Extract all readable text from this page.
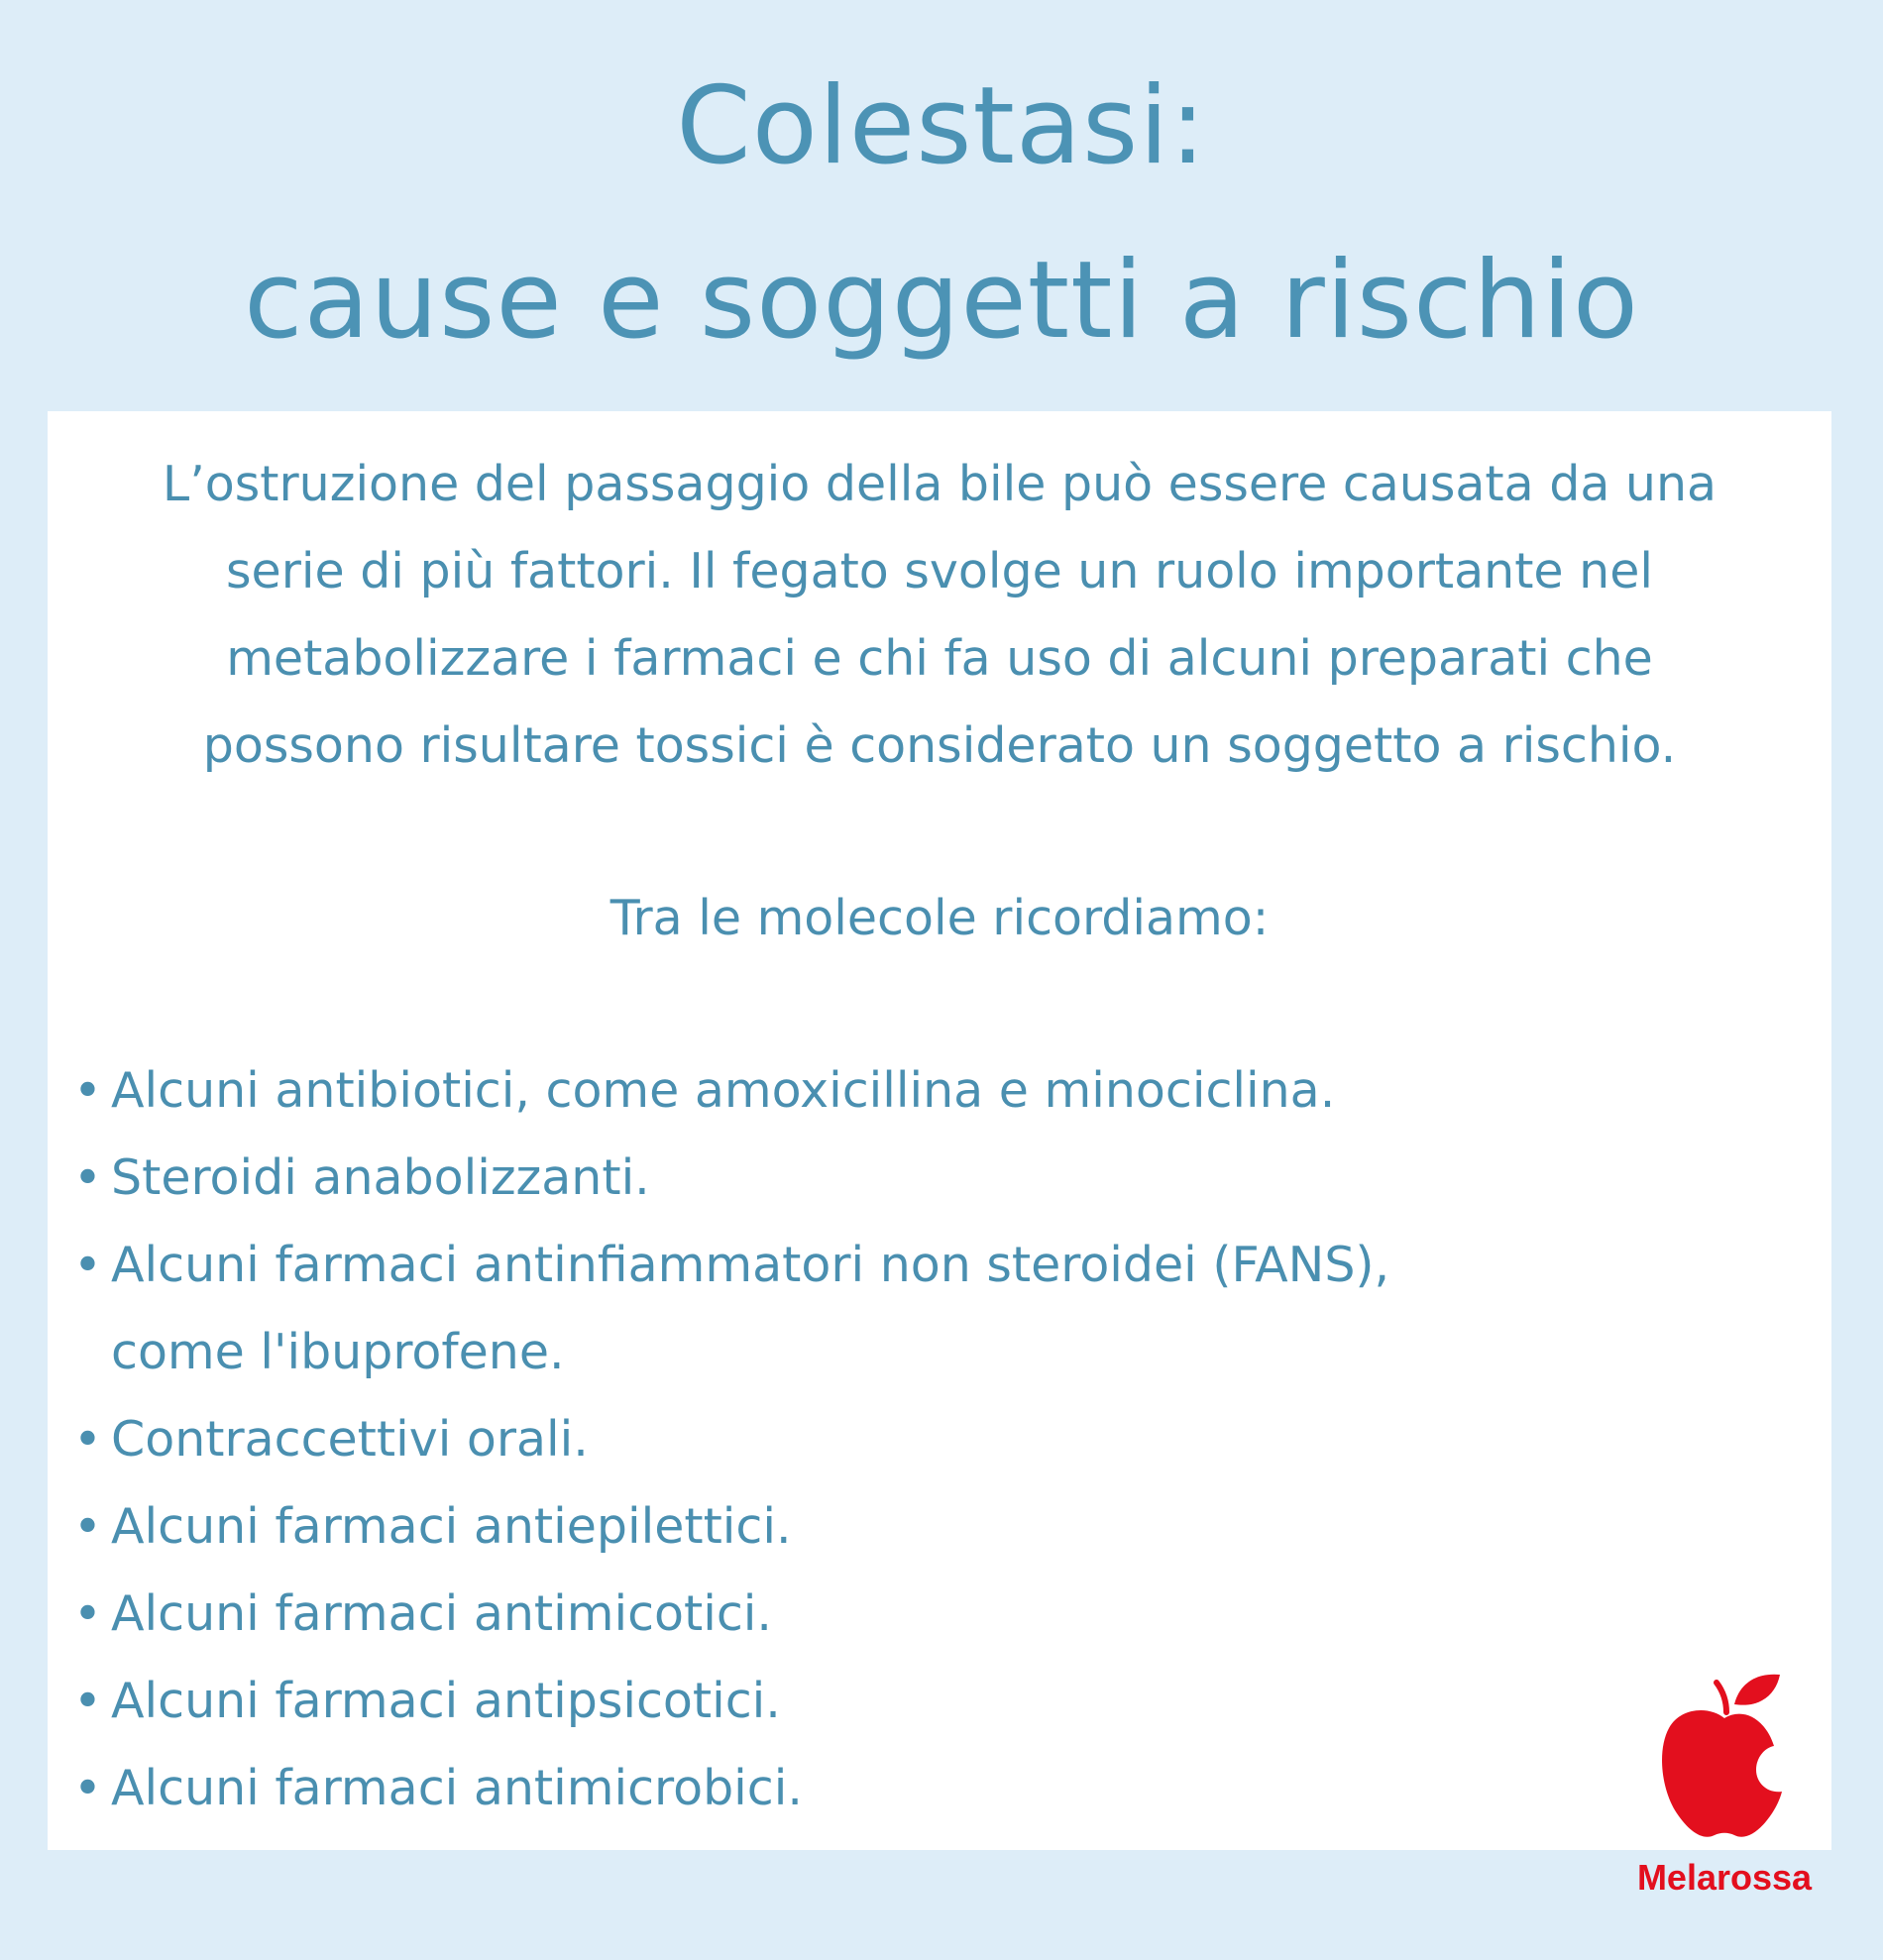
Colestasi:
cause e soggetti a rischio
L’ostruzione del passaggio della bile può essere causata da una
serie di più fattori. Il fegato svolge un ruolo importante nel
metabolizzare i farmaci e chi fa uso di alcuni preparati che
possono risultare tossici è considerato un soggetto a rischio.
Tra le molecole ricordiamo:
• Alcuni antibiotici, come amoxicillina e minociclina.
• Steroidi anabolizzanti.
• Alcuni farmaci antinfiammatori non steroidei (FANS),
come l'ibuprofene.
• Contraccettivi orali.
• Alcuni farmaci antiepilettici.
• Alcuni farmaci antimicotici.
• Alcuni farmaci antipsicotici.
• Alcuni farmaci antimicrobici.
Melarossa
